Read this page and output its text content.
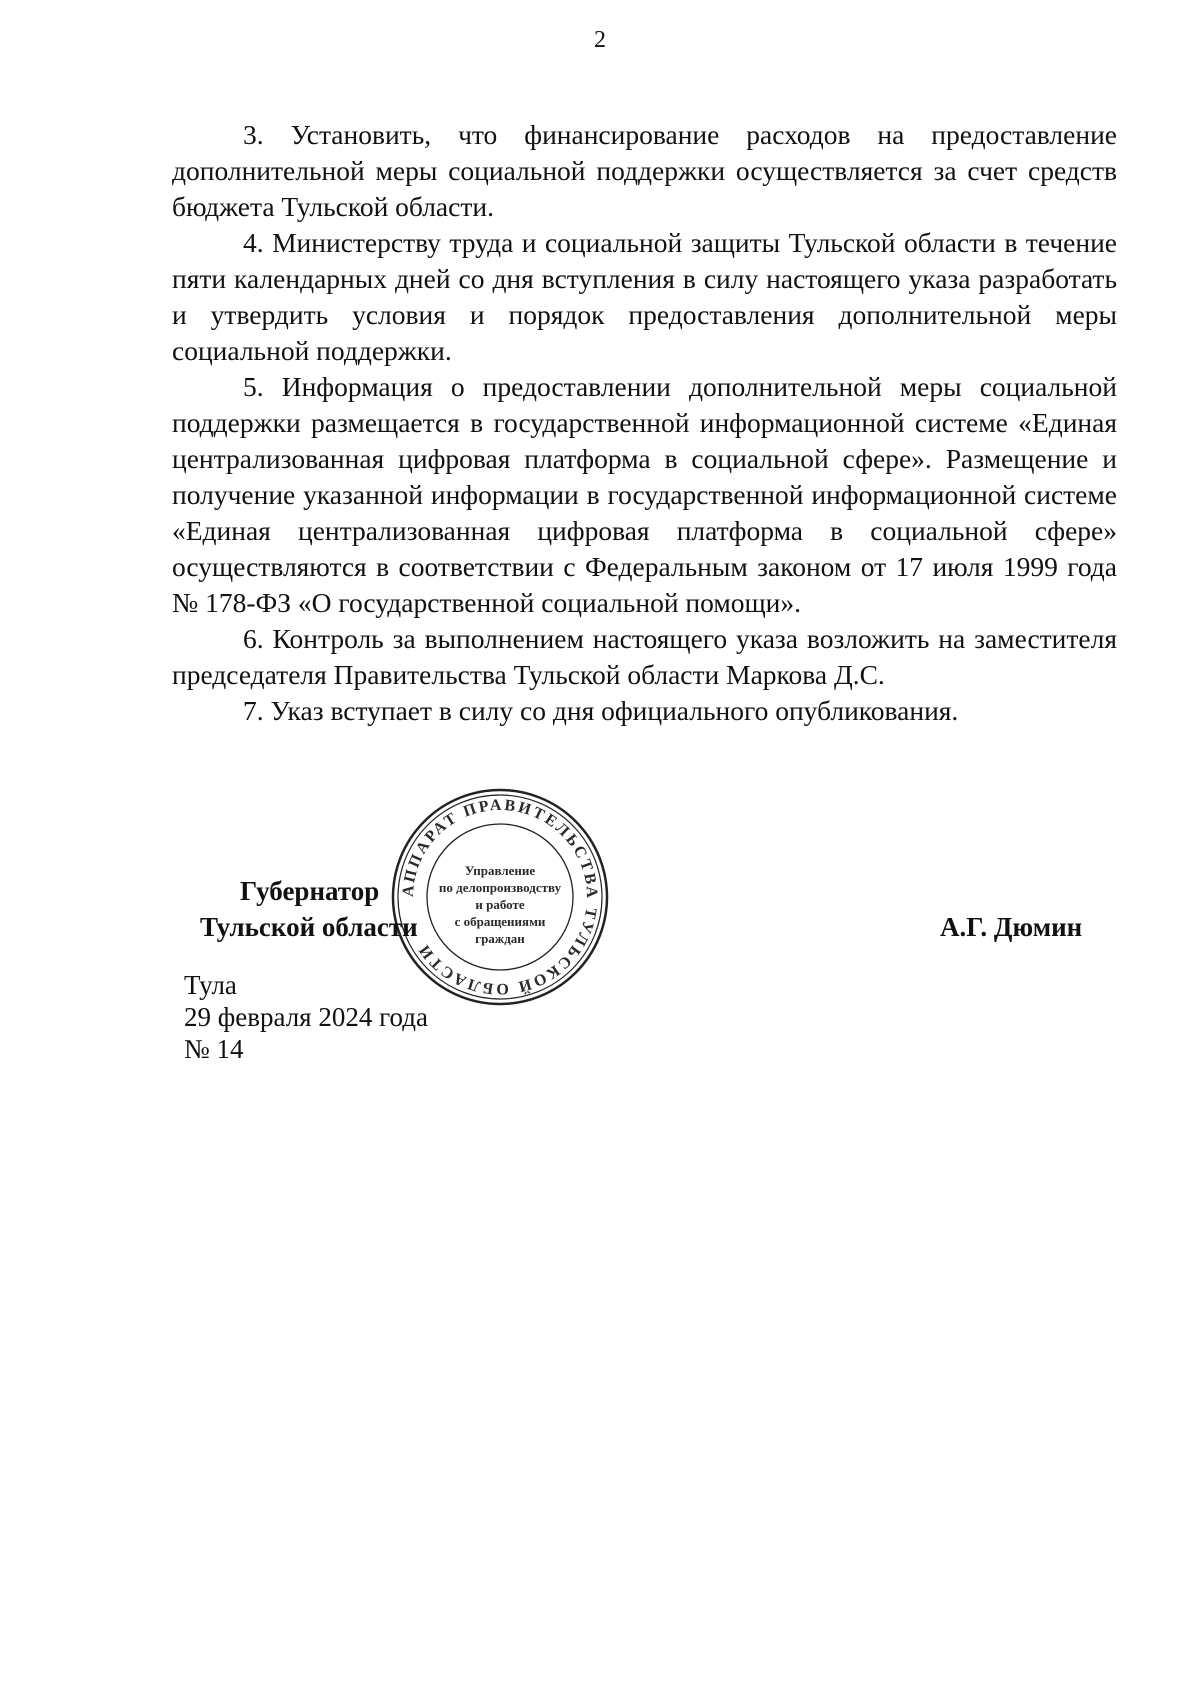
2

3. Установить, что финансирование расходов на предоставление дополнительной меры социальной поддержки осуществляется за счет средств бюджета Тульской области.

4. Министерству труда и социальной защиты Тульской области в течение пяти календарных дней со дня вступления в силу настоящего указа разработать и утвердить условия и порядок предоставления дополнительной меры социальной поддержки.

5. Информация о предоставлении дополнительной меры социальной поддержки размещается в государственной информационной системе «Единая централизованная цифровая платформа в социальной сфере». Размещение и получение указанной информации в государственной информационной системе «Единая централизованная цифровая платформа в социальной сфере» осуществляются в соответствии с Федеральным законом от 17 июля 1999 года № 178-ФЗ «О государственной социальной помощи».

6. Контроль за выполнением настоящего указа возложить на заместителя председателя Правительства Тульской области Маркова Д.С.

7. Указ вступает в силу со дня официального опубликования.

АППАРАТ ПРАВИТЕЛЬСТВА ТУЛЬСКОЙ ОБЛАСТИ
Управление
по делопроизводству
и работе
с обращениями
граждан
Губернатор
Тульской области	А.Г. Дюмин
Тула
29 февраля 2024 года
№ 14
